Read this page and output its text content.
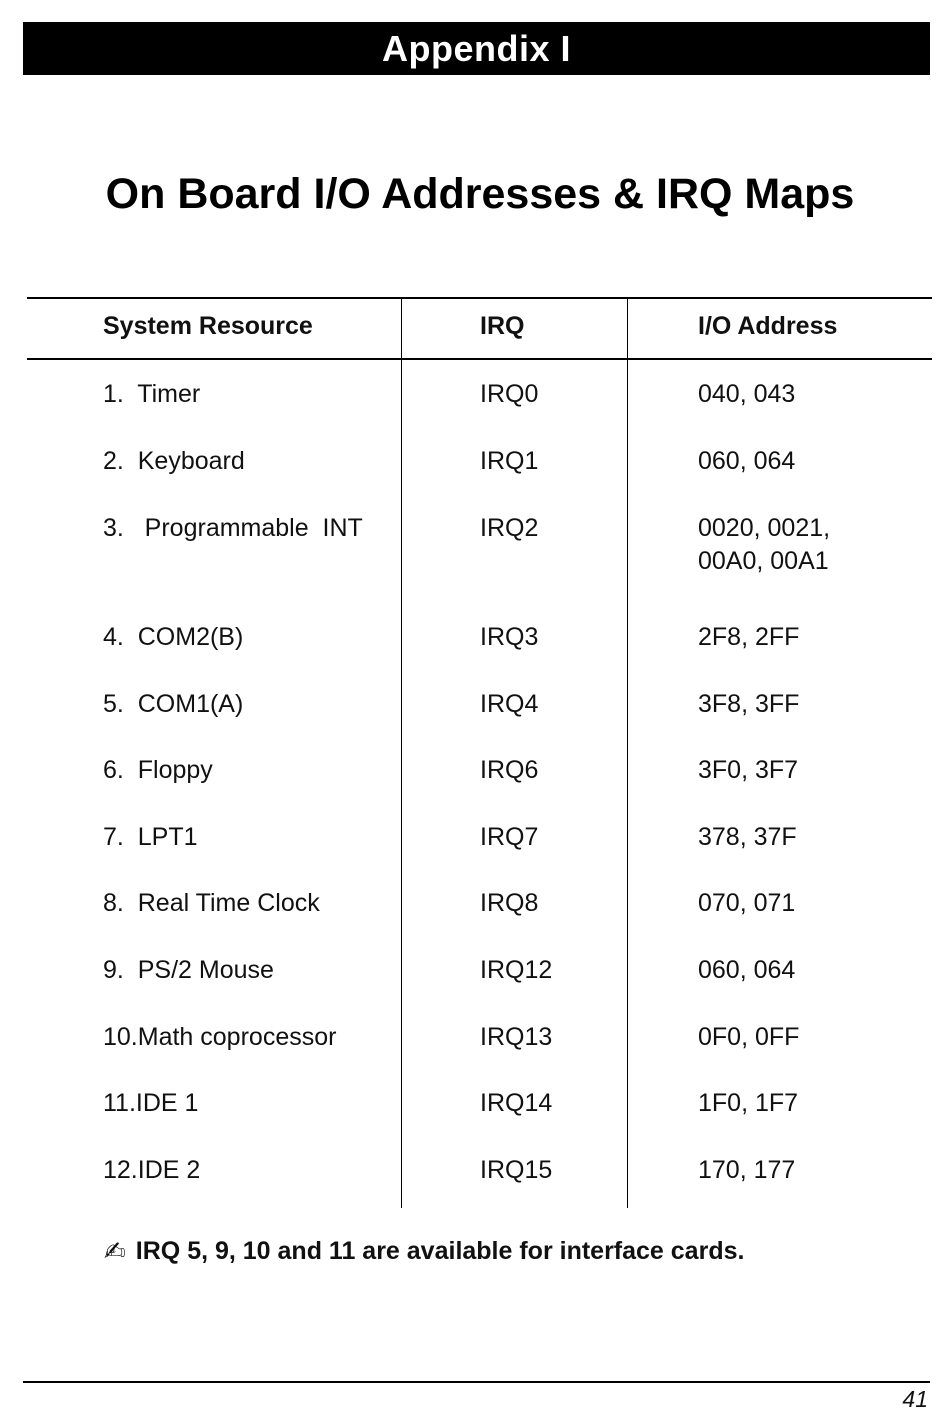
Appendix I
On Board I/O Addresses & IRQ Maps
System Resource	IRQ	I/O Address
1.  Timer	IRQ0	040, 043
2.  Keyboard	IRQ1	060, 064
3.   Programmable  INT	IRQ2	0020, 0021,
00A0, 00A1
4.  COM2(B)	IRQ3	2F8, 2FF
5.  COM1(A)	IRQ4	3F8, 3FF
6.  Floppy	IRQ6	3F0, 3F7
7.  LPT1	IRQ7	378, 37F
8.  Real Time Clock	IRQ8	070, 071
9.  PS/2 Mouse	IRQ12	060, 064
10.Math coprocessor	IRQ13	0F0, 0FF
11.IDE 1	IRQ14	1F0, 1F7
12.IDE 2	IRQ15	170, 177
✍ IRQ 5, 9, 10 and 11 are available for interface cards.
41
